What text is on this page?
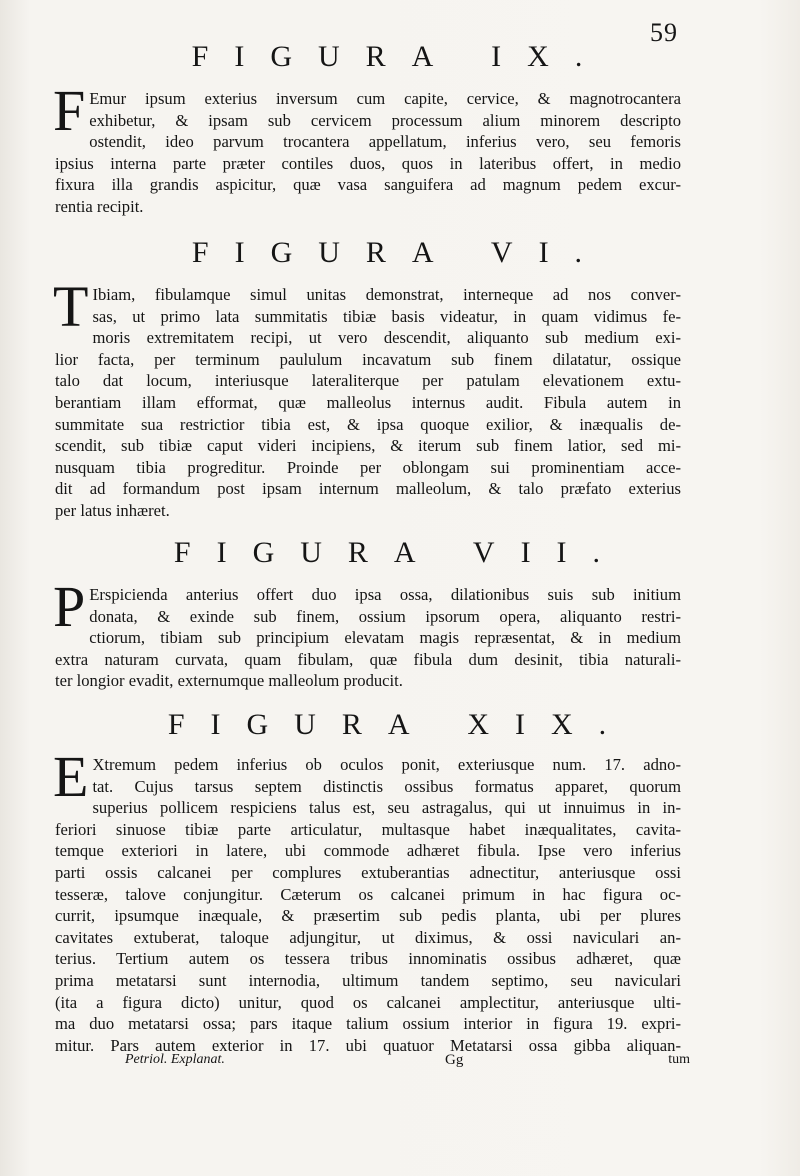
59
FIGURA IX.
F Emur ipsum exterius inversum cum capite, cervice, & magnotrocantera
exhibetur, & ipsam sub cervicem processum alium minorem descripto
ostendit, ideo parvum trocantera appellatum, inferius vero, seu femoris
ipsius interna parte præter contiles duos, quos in lateribus offert, in medio
fixura illa grandis aspicitur, quæ vasa sanguifera ad magnum pedem excur-
rentia recipit.
FIGURA VI.
T Ibiam, fibulamque simul unitas demonstrat, interneque ad nos conver-
sas, ut primo lata summitatis tibiæ basis videatur, in quam vidimus fe-
moris extremitatem recipi, ut vero descendit, aliquanto sub medium exi-
lior facta, per terminum paululum incavatum sub finem dilatatur, ossique
talo dat locum, interiusque lateraliterque per patulam elevationem extu-
berantiam illam efformat, quæ malleolus internus audit. Fibula autem in
summitate sua restrictior tibia est, & ipsa quoque exilior, & inæqualis de-
scendit, sub tibiæ caput videri incipiens, & iterum sub finem latior, sed mi-
nusquam tibia progreditur. Proinde per oblongam sui prominentiam acce-
dit ad formandum post ipsam internum malleolum, & talo præfato exterius
per latus inhæret.
FIGURA VII.
P Erspicienda anterius offert duo ipsa ossa, dilationibus suis sub initium
donata, & exinde sub finem, ossium ipsorum opera, aliquanto restri-
ctiorum, tibiam sub principium elevatam magis repræsentat, & in medium
extra naturam curvata, quam fibulam, quæ fibula dum desinit, tibia naturali-
ter longior evadit, externumque malleolum producit.
FIGURA XIX.
E Xtremum pedem inferius ob oculos ponit, exteriusque num. 17. adno-
tat. Cujus tarsus septem distinctis ossibus formatus apparet, quorum
superius pollicem respiciens talus est, seu astragalus, qui ut innuimus in in-
feriori sinuose tibiæ parte articulatur, multasque habet inæqualitates, cavita-
temque exteriori in latere, ubi commode adhæret fibula. Ipse vero inferius
parti ossis calcanei per complures extuberantias adnectitur, anteriusque ossi
tesseræ, talove conjungitur. Cæterum os calcanei primum in hac figura oc-
currit, ipsumque inæquale, & præsertim sub pedis planta, ubi per plures
cavitates extuberat, taloque adjungitur, ut diximus, & ossi naviculari an-
terius. Tertium autem os tessera tribus innominatis ossibus adhæret, quæ
prima metatarsi sunt internodia, ultimum tandem septimo, seu naviculari
(ita a figura dicto) unitur, quod os calcanei amplectitur, anteriusque ulti-
ma duo metatarsi ossa; pars itaque talium ossium interior in figura 19. expri-
mitur. Pars autem exterior in 17. ubi quatuor Metatarsi ossa gibba aliquan-
Petriol. Explanat.	Gg	tum
